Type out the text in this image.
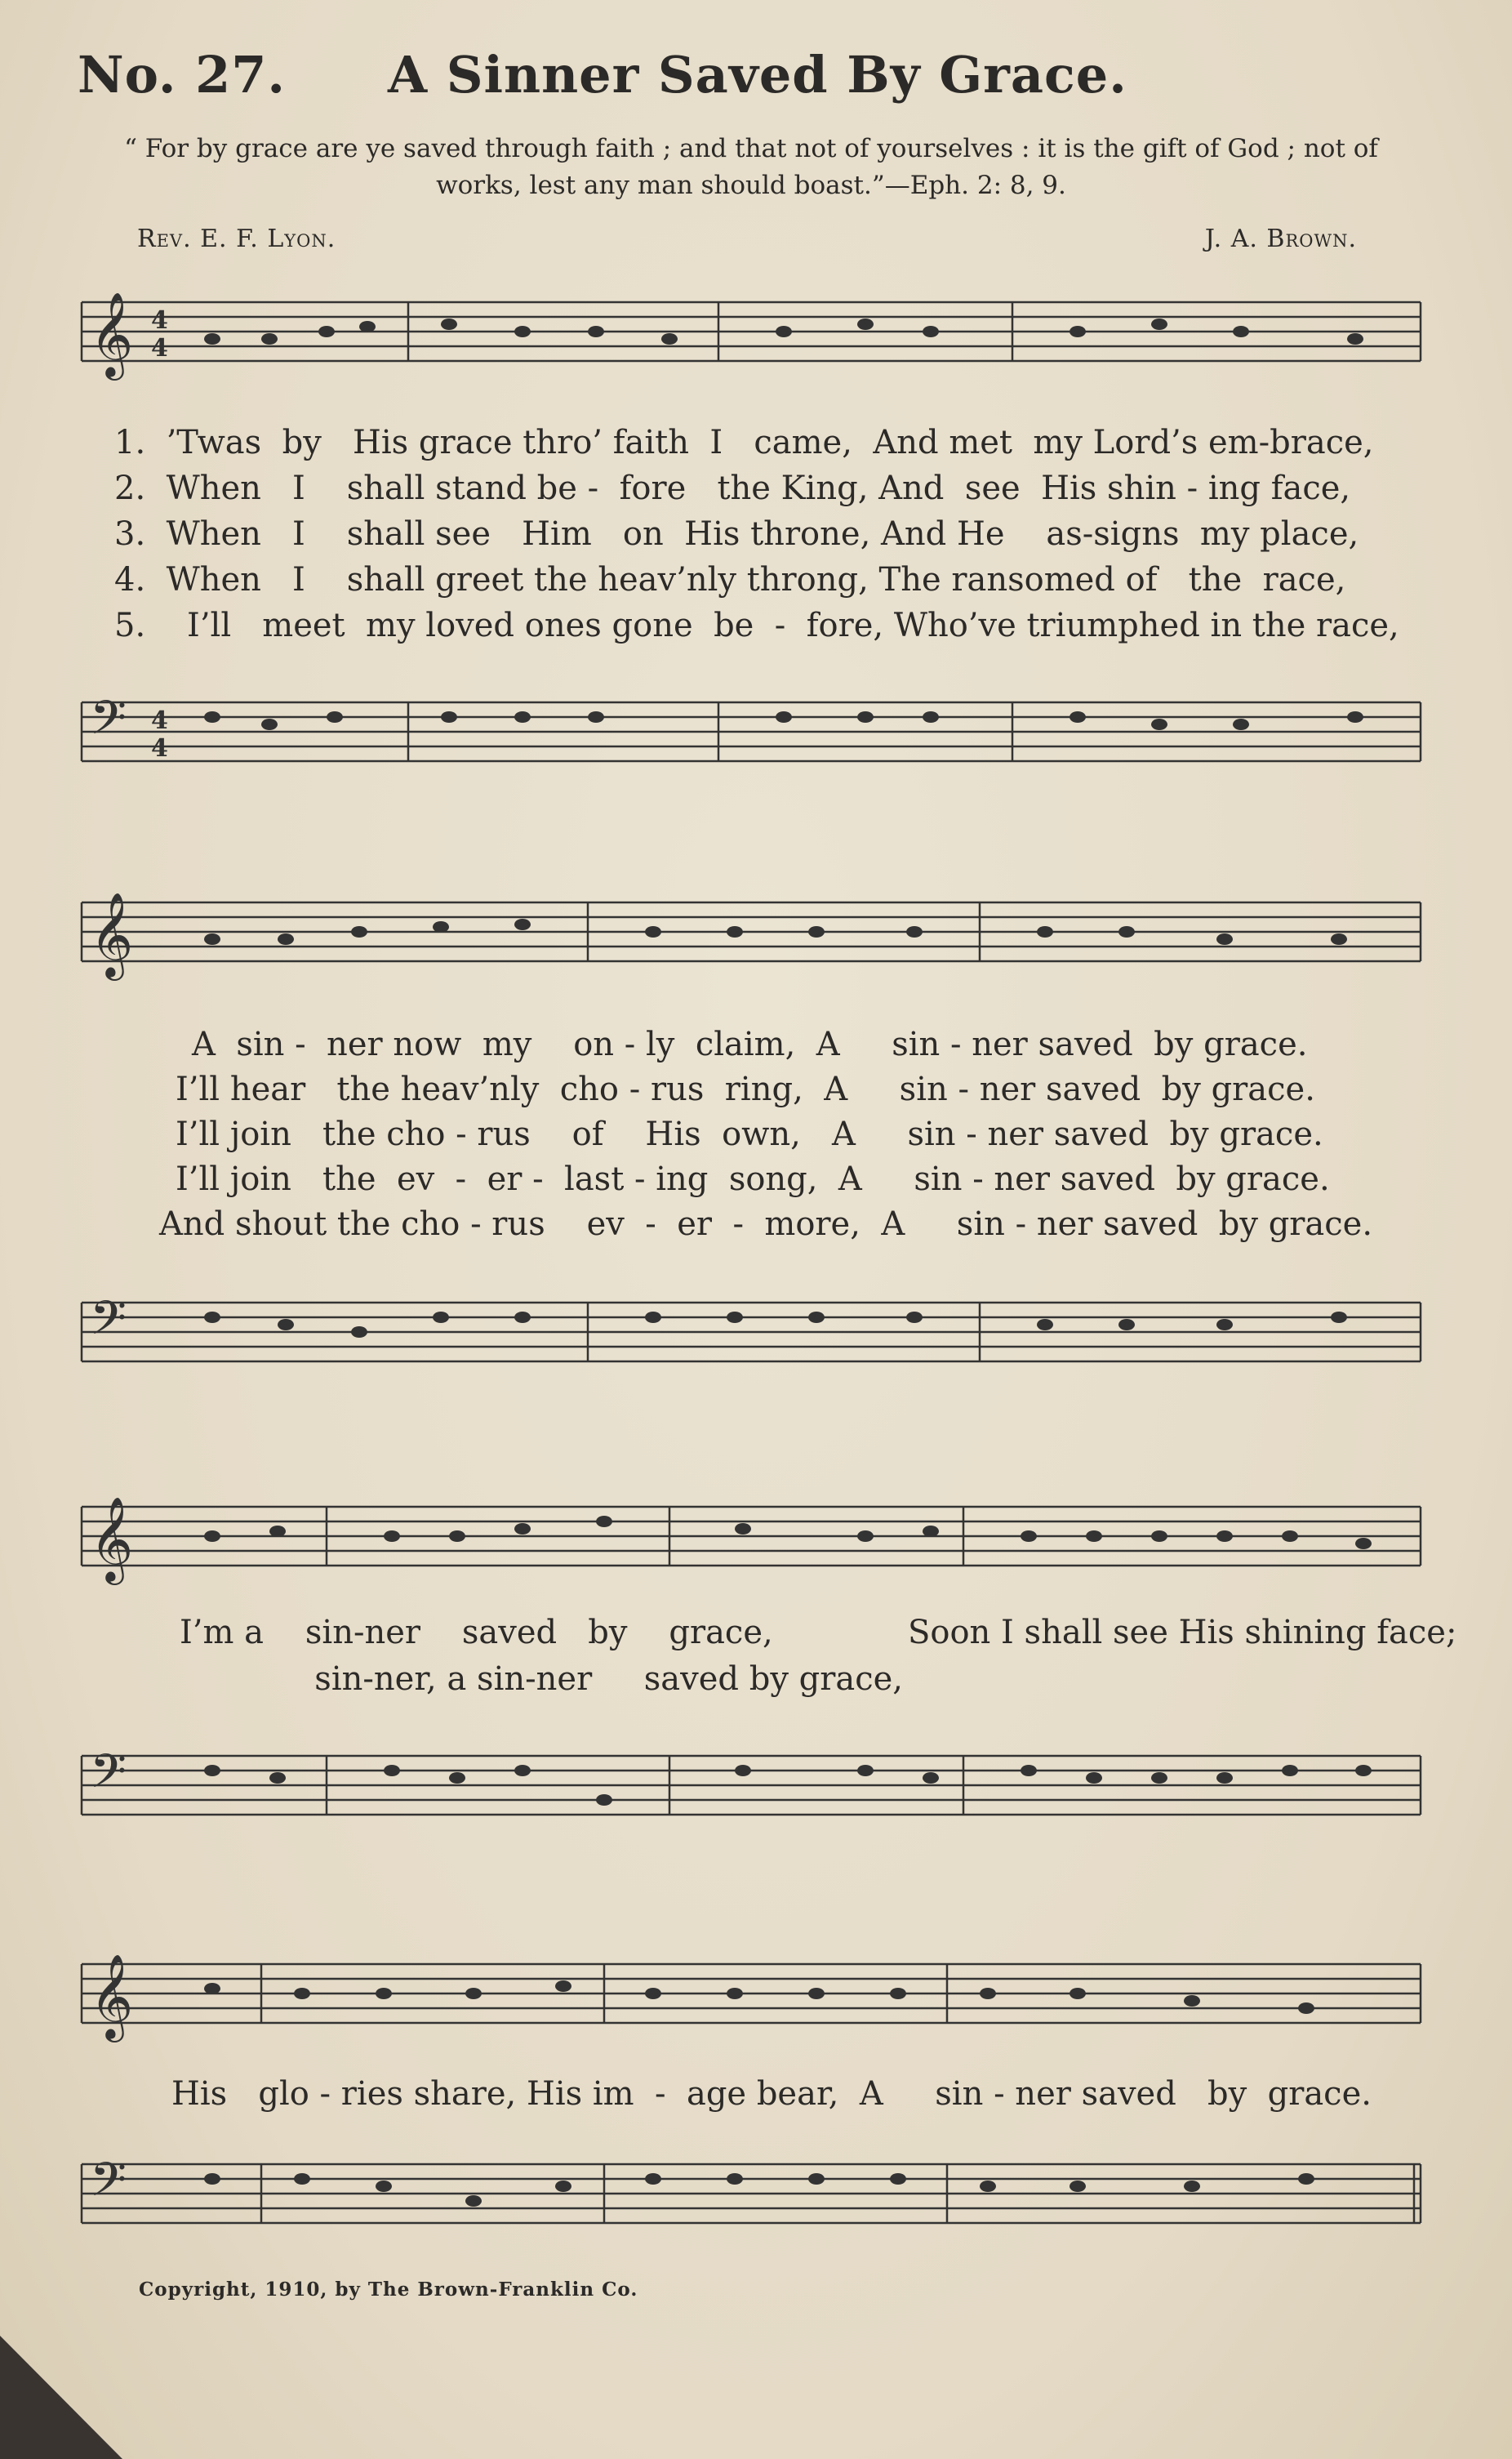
No. 27. A Sinner Saved By Grace.
“ For by grace are ye saved through faith ; and that not of yourselves : it is the gift of God ; not of works, lest any man should boast.”—Eph. 2: 8, 9.
Rev. E. F. Lyon.	J. A. Brown.
𝄞 4
4
1.  ’Twas  by   His grace thro’ faith  I   came,  And met  my Lord’s em-brace,
2.  When   I    shall stand be -  fore   the King, And  see  His shin - ing face,
3.  When   I    shall see   Him   on  His throne, And He    as-signs  my place,
4.  When   I    shall greet the heav’nly throng, The ransomed of   the  race,
5.    I’ll   meet  my loved ones gone  be  -  fore, Who’ve triumphed in the race,
𝄢 4
4
𝄞
A  sin -  ner now  my    on - ly  claim,  A     sin - ner saved  by grace.
I’ll hear   the heav’nly  cho - rus  ring,  A     sin - ner saved  by grace.
I’ll join   the cho - rus    of    His  own,   A     sin - ner saved  by grace.
I’ll join   the  ev  -  er -  last - ing  song,  A     sin - ner saved  by grace.
And shout the cho - rus    ev  -  er  -  more,  A     sin - ner saved  by grace.
𝄢
𝄞
I’m a    sin-ner    saved   by    grace,             Soon I shall see His shining face;
sin-ner, a sin-ner     saved by grace,
𝄢
𝄞
His   glo - ries share, His im  -  age bear,  A     sin - ner saved   by  grace.
𝄢
Copyright, 1910, by The Brown-Franklin Co.
